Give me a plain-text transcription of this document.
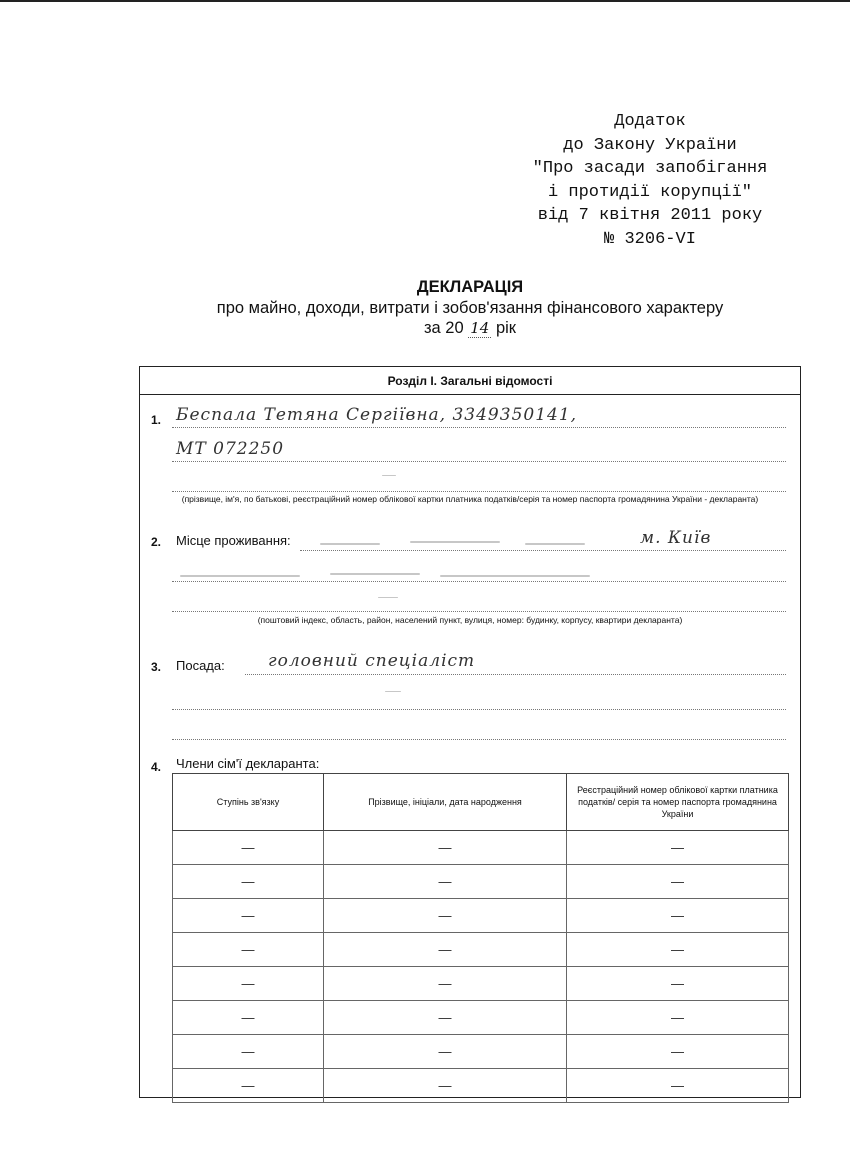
Додаток
до Закону України
"Про засади запобігання
і протидії корупції"
від 7 квітня 2011 року
№ 3206-VI
ДЕКЛАРАЦІЯ
про майно, доходи, витрати і зобов'язання фінансового характеру
за 20 14 рік
Розділ І. Загальні відомості
1. Беспала Тетяна Сергіївна, 3349350141,
МТ 072250
(прізвище, ім'я, по батькові, реєстраційний номер облікової картки платника податків/серія та номер паспорта громадянина України - декларанта)
2. Місце проживання:	м. Київ
(поштовий індекс, область, район, населений пункт, вулиця, номер: будинку, корпусу, квартири декларанта)
3. Посада:	головний спеціаліст
4. Члени сім'ї декларанта:
Ступінь зв'язку	Прізвище, ініціали, дата народження	Реєстраційний номер облікової картки платника податків/ серія та номер паспорта громадянина України
—	—	—
—	—	—
—	—	—
—	—	—
—	—	—
—	—	—
—	—	—
—	—	—
